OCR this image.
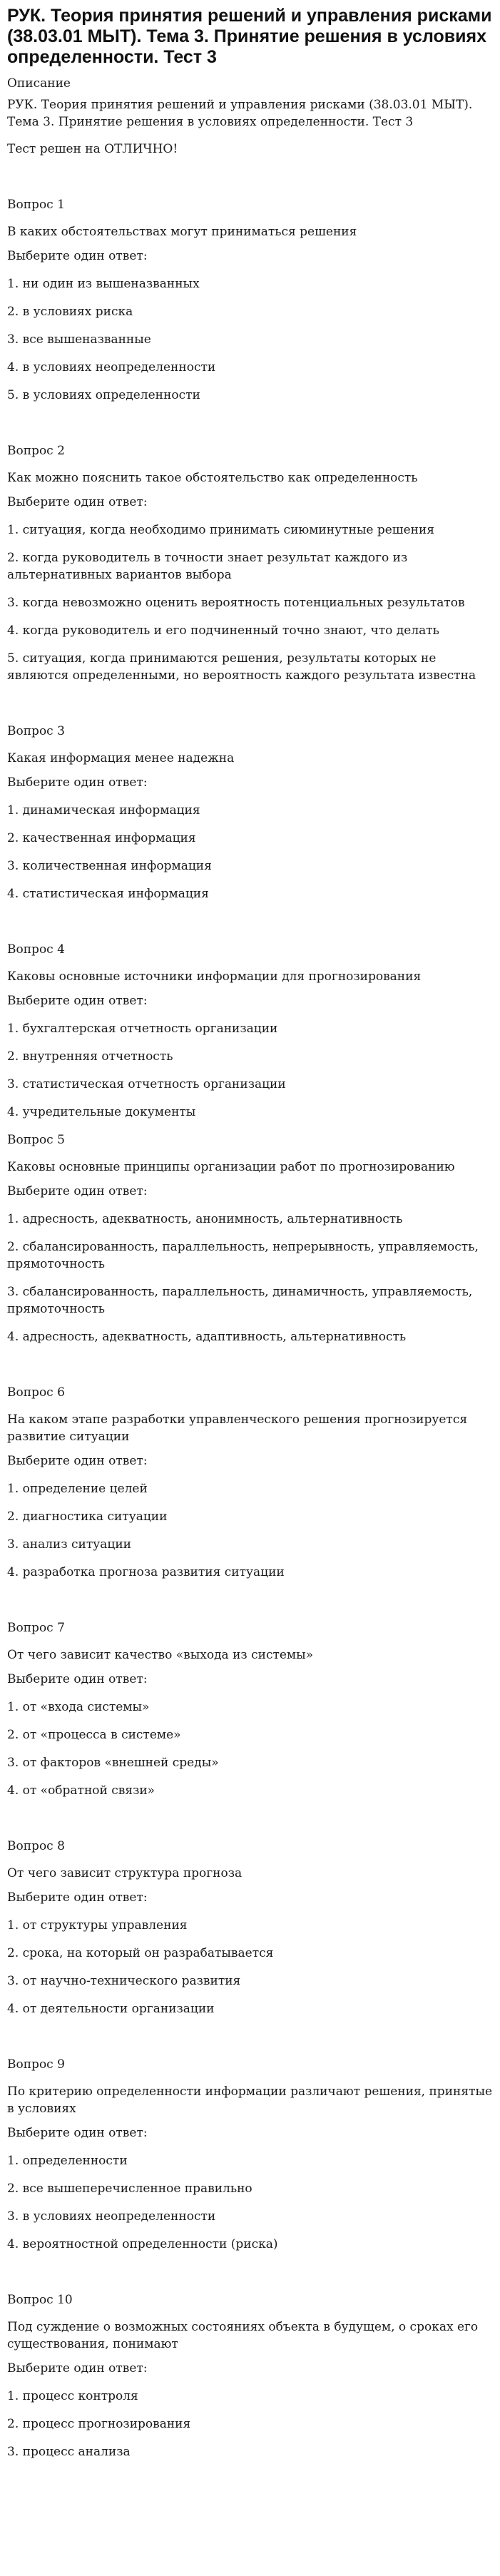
РУК. Теория принятия решений и управления рисками (38.03.01 МЫТ). Тема 3. Принятие решения в условиях определенности. Тест 3
Описание
РУК. Теория принятия решений и управления рисками (38.03.01 МЫТ). Тема 3. Принятие решения в условиях определенности. Тест 3
Тест решен на ОТЛИЧНО!
Вопрос 1
В каких обстоятельствах могут приниматься решения
Выберите один ответ:
1. ни один из вышеназванных
2. в условиях риска
3. все вышеназванные
4. в условиях неопределенности
5. в условиях определенности
Вопрос 2
Как можно пояснить такое обстоятельство как определенность
Выберите один ответ:
1. ситуация, когда необходимо принимать сиюминутные решения
2. когда руководитель в точности знает результат каждого из альтернативных вариантов выбора
3. когда невозможно оценить вероятность потенциальных результатов
4. когда руководитель и его подчиненный точно знают, что делать
5. ситуация, когда принимаются решения, результаты которых не являются определенными, но вероятность каждого результата известна
Вопрос 3
Какая информация менее надежна
Выберите один ответ:
1. динамическая информация
2. качественная информация
3. количественная информация
4. статистическая информация
Вопрос 4
Каковы основные источники информации для прогнозирования
Выберите один ответ:
1. бухгалтерская отчетность организации
2. внутренняя отчетность
3. статистическая отчетность организации
4. учредительные документы
Вопрос 5
Каковы основные принципы организации работ по прогнозированию
Выберите один ответ:
1. адресность, адекватность, анонимность, альтернативность
2. сбалансированность, параллельность, непрерывность, управляемость, прямоточность
3. сбалансированность, параллельность, динамичность, управляемость, прямоточность
4. адресность, адекватность, адаптивность, альтернативность
Вопрос 6
На каком этапе разработки управленческого решения прогнозируется развитие ситуации
Выберите один ответ:
1. определение целей
2. диагностика ситуации
3. анализ ситуации
4. разработка прогноза развития ситуации
Вопрос 7
От чего зависит качество «выхода из системы»
Выберите один ответ:
1. от «входа системы»
2. от «процесса в системе»
3. от факторов «внешней среды»
4. от «обратной связи»
Вопрос 8
От чего зависит структура прогноза
Выберите один ответ:
1. от структуры управления
2. срока, на который он разрабатывается
3. от научно-технического развития
4. от деятельности организации
Вопрос 9
По критерию определенности информации различают решения, принятые в условиях
Выберите один ответ:
1. определенности
2. все вышеперечисленное правильно
3. в условиях неопределенности
4. вероятностной определенности (риска)
Вопрос 10
Под суждение о возможных состояниях объекта в будущем, о сроках его существования, понимают
Выберите один ответ:
1. процесс контроля
2. процесс прогнозирования
3. процесс анализа
